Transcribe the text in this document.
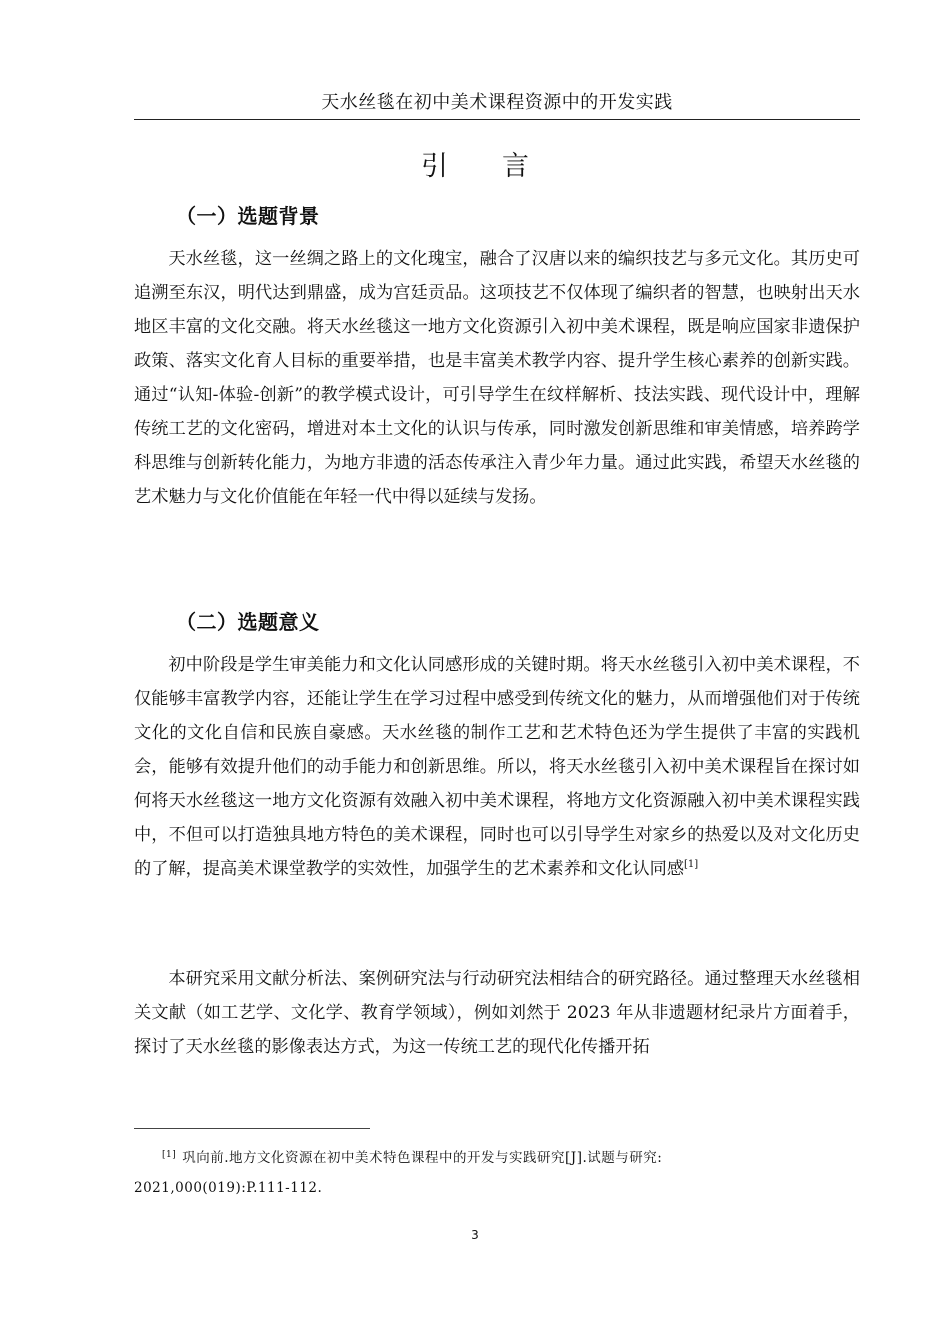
天水丝毯在初中美术课程资源中的开发实践
引言
（一）选题背景

天水丝毯，这一丝绸之路上的文化瑰宝，融合了汉唐以来的编织技艺与多元文化。其历史可追溯至东汉，明代达到鼎盛，成为宫廷贡品。这项技艺不仅体现了编织者的智慧，也映射出天水地区丰富的文化交融。将天水丝毯这一地方文化资源引入初中美术课程，既是响应国家非遗保护政策、落实文化育人目标的重要举措，也是丰富美术教学内容、提升学生核心素养的创新实践。通过“认知-体验-创新”的教学模式设计，可引导学生在纹样解析、技法实践、现代设计中，理解传统工艺的文化密码，增进对本土文化的认识与传承，同时激发创新思维和审美情感，培养跨学科思维与创新转化能力，为地方非遗的活态传承注入青少年力量。通过此实践，希望天水丝毯的艺术魅力与文化价值能在年轻一代中得以延续与发扬。

（二）选题意义

初中阶段是学生审美能力和文化认同感形成的关键时期。将天水丝毯引入初中美术课程，不仅能够丰富教学内容，还能让学生在学习过程中感受到传统文化的魅力，从而增强他们对于传统文化的文化自信和民族自豪感。天水丝毯的制作工艺和艺术特色还为学生提供了丰富的实践机会，能够有效提升他们的动手能力和创新思维。所以，将天水丝毯引入初中美术课程旨在探讨如何将天水丝毯这一地方文化资源有效融入初中美术课程，将地方文化资源融入初中美术课程实践中，不但可以打造独具地方特色的美术课程，同时也可以引导学生对家乡的热爱以及对文化历史的了解，提高美术课堂教学的实效性，加强学生的艺术素养和文化认同感[1]

本研究采用文献分析法、案例研究法与行动研究法相结合的研究路径。通过整理天水丝毯相关文献（如工艺学、文化学、教育学领域），例如刘然于 2023 年从非遗题材纪录片方面着手，探讨了天水丝毯的影像表达方式，为这一传统工艺的现代化传播开拓

[1] 巩向前.地方文化资源在初中美术特色课程中的开发与实践研究[J].试题与研究:
2021,000(019):P.111-112.

3
